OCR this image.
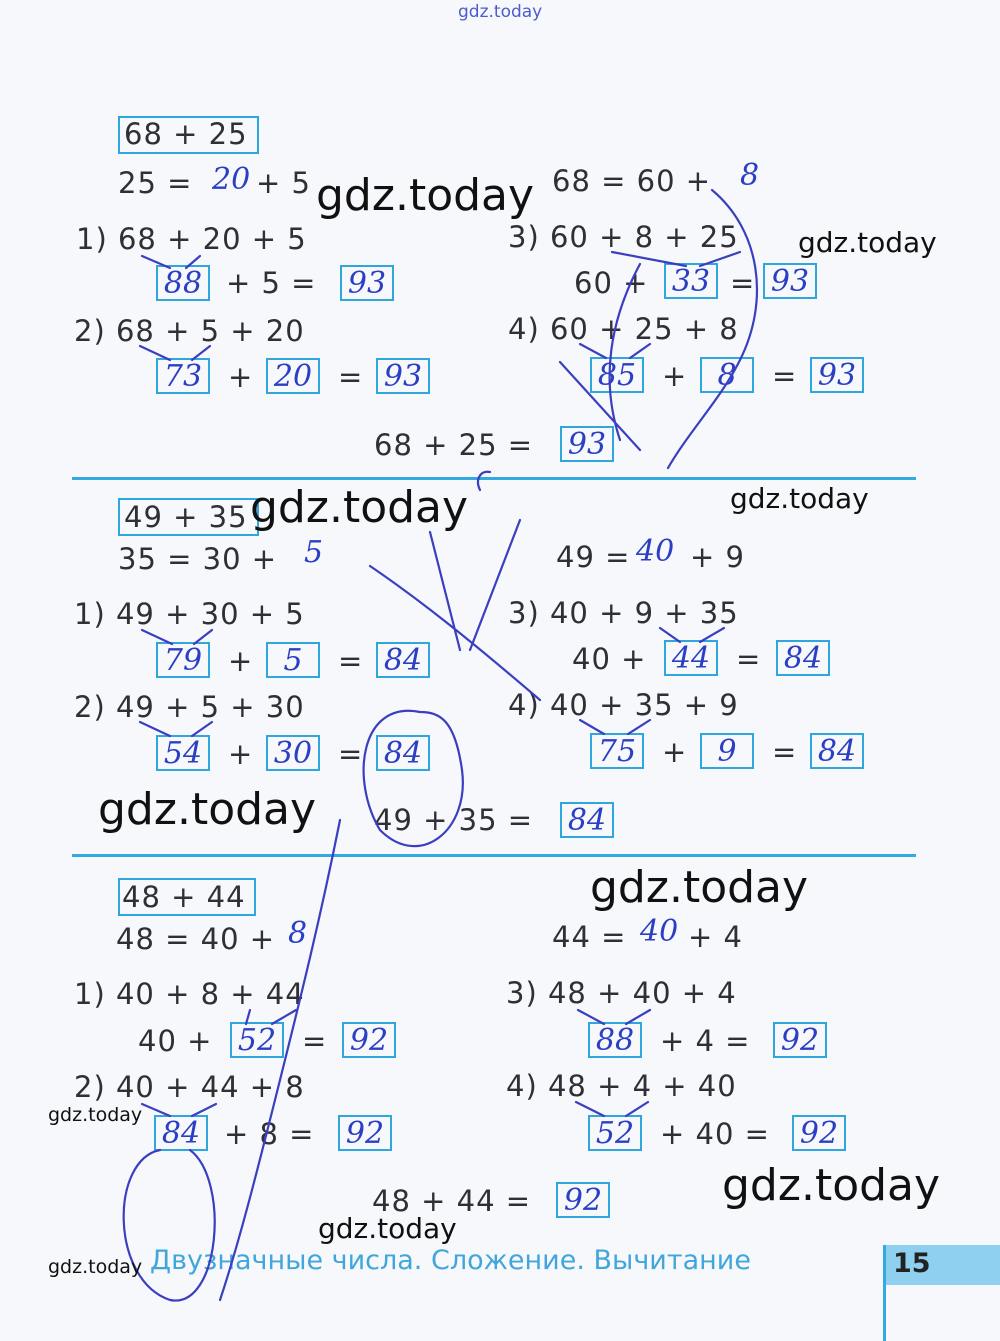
68 + 25
25 = 20 + 5	68 = 60 + 8
1) 68 + 20 + 5
88 + 5 = 93
2) 68 + 5 + 20
73 + 20 = 93
3) 60 + 8 + 25
60 + 33 = 93
4) 60 + 25 + 8
85 +	8	= 93
68 + 25 = 93
49 + 35
35 = 30 + 5	49 = 40 + 9
1) 49 + 30 + 5
79 +	5	= 84
2) 49 + 5 + 30
54 + 30 = 84
3) 40 + 9 + 35
40 + 44 = 84
4) 40 + 35 + 9
75 +	9	= 84
49 + 35 = 84
48 + 44
48 = 40 + 8	44 = 40 + 4
1) 40 + 8 + 44
40 + 52 = 92
2) 40 + 44 + 8
84 + 8 = 92
3) 48 + 40 + 4
88 + 4 = 92
4) 48 + 4 + 40
52 + 40 = 92
48 + 44 = 92
Двузначные числа. Сложение. Вычитание	15
gdz.today
gdz.today
gdz.today
gdz.today	gdz.today
gdz.today
gdz.today
gdz.today
gdz.today
gdz.today
gdz.today
